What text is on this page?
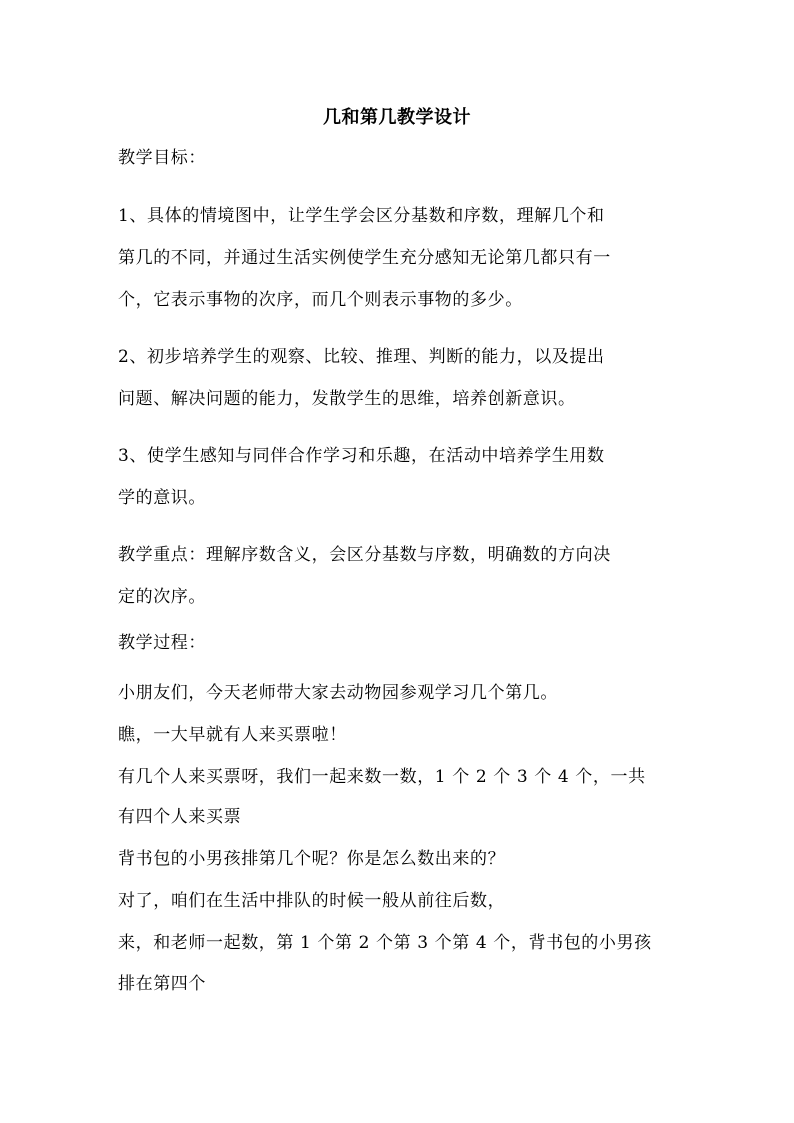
几和第几教学设计

教学目标：

1、具体的情境图中，让学生学会区分基数和序数，理解几个和

第几的不同，并通过生活实例使学生充分感知无论第几都只有一

个，它表示事物的次序，而几个则表示事物的多少。

2、初步培养学生的观察、比较、推理、判断的能力，以及提出

问题、解决问题的能力，发散学生的思维，培养创新意识。

3、使学生感知与同伴合作学习和乐趣，在活动中培养学生用数

学的意识。

教学重点：理解序数含义，会区分基数与序数，明确数的方向决

定的次序。

教学过程：

小朋友们，今天老师带大家去动物园参观学习几个第几。

瞧，一大早就有人来买票啦！

有几个人来买票呀，我们一起来数一数，1 个 2 个 3 个 4 个，一共

有四个人来买票

背书包的小男孩排第几个呢？你是怎么数出来的？

对了，咱们在生活中排队的时候一般从前往后数，

来，和老师一起数，第 1 个第 2 个第 3 个第 4 个，背书包的小男孩

排在第四个
